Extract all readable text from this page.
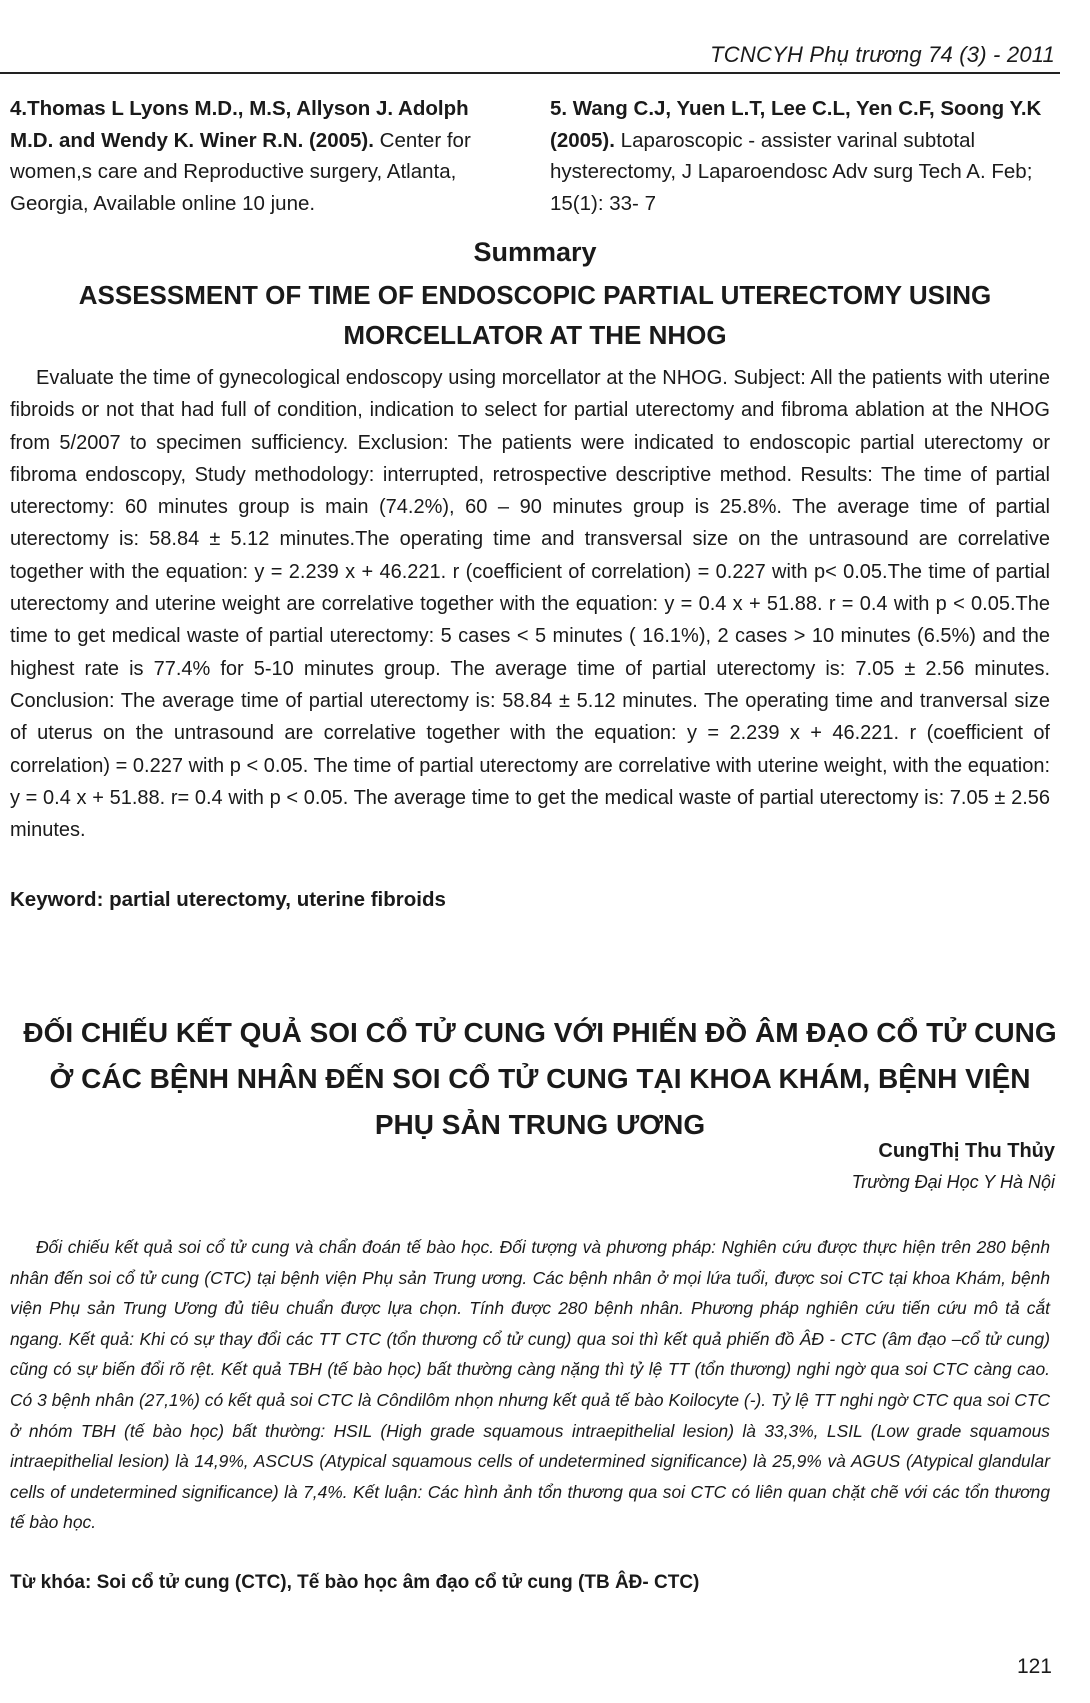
TCNCYH Phụ trương 74 (3) - 2011
4.Thomas L Lyons M.D., M.S, Allyson J. Adolph M.D. and Wendy K. Winer R.N. (2005). Center for women,s care and Reproductive surgery, Atlanta, Georgia, Available online 10 june.
5. Wang C.J, Yuen L.T, Lee C.L, Yen C.F, Soong Y.K (2005). Laparoscopic - assister varinal subtotal hysterectomy, J Laparoendosc Adv surg Tech A. Feb; 15(1): 33- 7
Summary
ASSESSMENT OF TIME OF ENDOSCOPIC PARTIAL UTERECTOMY USING MORCELLATOR AT THE NHOG

Evaluate the time of gynecological endoscopy using morcellator at the NHOG. Subject: All the patients with uterine fibroids or not that had full of condition, indication to select for partial uterectomy and fibroma ablation at the NHOG from 5/2007 to specimen sufficiency. Exclusion: The patients were indicated to endoscopic partial uterectomy or fibroma endoscopy, Study methodology: interrupted, retrospective descriptive method. Results: The time of partial uterectomy: 60 minutes group is main (74.2%), 60 – 90 minutes group is 25.8%. The average time of partial uterectomy is: 58.84 ± 5.12 minutes.The operating time and transversal size on the untrasound are correlative together with the equation: y = 2.239 x + 46.221. r (coefficient of correlation) = 0.227 with p< 0.05.The time of partial uterectomy and uterine weight are correlative together with the equation: y = 0.4 x + 51.88. r = 0.4 with p < 0.05.The time to get medical waste of partial uterectomy: 5 cases < 5 minutes ( 16.1%), 2 cases > 10 minutes (6.5%) and the highest rate is 77.4% for 5-10 minutes group. The average time of partial uterectomy is: 7.05 ± 2.56 minutes. Conclusion: The average time of partial uterectomy is: 58.84 ± 5.12 minutes. The operating time and tranversal size of uterus on the untrasound are correlative together with the equation: y = 2.239 x + 46.221. r (coefficient of correlation) = 0.227 with p < 0.05. The time of partial uterectomy are correlative with uterine weight, with the equation: y = 0.4 x + 51.88. r= 0.4 with p < 0.05. The average time to get the medical waste of partial uterectomy is: 7.05 ± 2.56 minutes.

Keyword: partial uterectomy, uterine fibroids
ĐỐI CHIẾU KẾT QUẢ SOI CỔ TỬ CUNG VỚI PHIẾN ĐỒ ÂM ĐẠO CỔ TỬ CUNG Ở CÁC BỆNH NHÂN ĐẾN SOI CỔ TỬ CUNG TẠI KHOA KHÁM, BỆNH VIỆN PHỤ SẢN TRUNG ƯƠNG
CungThị Thu Thủy
Trường Đại Học Y Hà Nội

Đối chiếu kết quả soi cổ tử cung và chẩn đoán tế bào học. Đối tượng và phương pháp: Nghiên cứu được thực hiện trên 280 bệnh nhân đến soi cổ tử cung (CTC) tại bệnh viện Phụ sản Trung ương. Các bệnh nhân ở mọi lứa tuổi, được soi CTC tại khoa Khám, bệnh viện Phụ sản Trung Ương đủ tiêu chuẩn được lựa chọn. Tính được 280 bệnh nhân. Phương pháp nghiên cứu tiến cứu mô tả cắt ngang. Kết quả: Khi có sự thay đổi các TT CTC (tổn thương cổ tử cung) qua soi thì kết quả phiến đồ ÂĐ - CTC (âm đạo –cổ tử cung) cũng có sự biến đổi rõ rệt. Kết quả TBH (tế bào học) bất thường càng nặng thì tỷ lệ TT (tổn thương) nghi ngờ qua soi CTC càng cao. Có 3 bệnh nhân (27,1%) có kết quả soi CTC là Côndilôm nhọn nhưng kết quả tế bào Koilocyte (-). Tỷ lệ TT nghi ngờ CTC qua soi CTC ở nhóm TBH (tế bào học) bất thường: HSIL (High grade squamous intraepithelial lesion) là 33,3%, LSIL (Low grade squamous intraepithelial lesion) là 14,9%, ASCUS (Atypical squamous cells of undetermined significance) là 25,9% và AGUS (Atypical glandular cells of undetermined significance) là 7,4%. Kết luận: Các hình ảnh tổn thương qua soi CTC có liên quan chặt chẽ với các tổn thương tế bào học.

Từ khóa: Soi cổ tử cung (CTC), Tế bào học âm đạo cổ tử cung (TB ÂĐ- CTC)
121
